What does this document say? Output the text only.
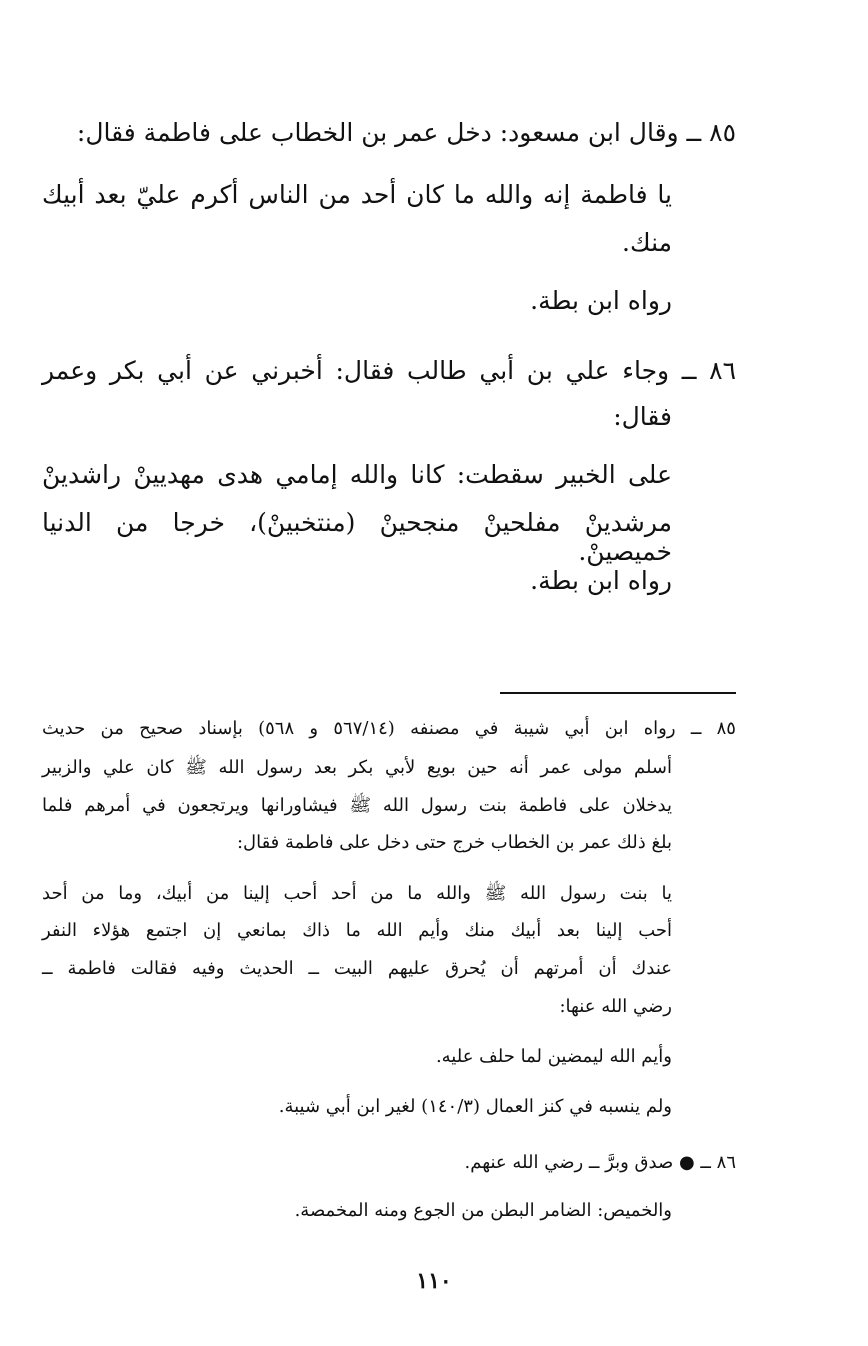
٨٥ ــ وقال ابن مسعود: دخل عمر بن الخطاب على فاطمة فقال:
يا فاطمة إنه والله ما كان أحد من الناس أكرم عليّ بعد أبيك
منك.
رواه ابن بطة.
٨٦ ــ وجاء علي بن أبي طالب فقال: أخبرني عن أبي بكر وعمر
فقال:
على الخبير سقطت: كانا والله إمامي هدى مهديينْ راشدينْ
مرشدينْ مفلحينْ منجحينْ (منتخبينْ)، خرجا من الدنيا خميصينْ.
رواه ابن بطة.
٨٥ ــ رواه ابن أبي شيبة في مصنفه (٥٦٧/١٤ و ٥٦٨) بإسناد صحيح من حديث
أسلم مولى عمر أنه حين بويع لأبي بكر بعد رسول الله ﷺ كان علي والزبير
يدخلان على فاطمة بنت رسول الله ﷺ فيشاورانها ويرتجعون في أمرهم فلما
بلغ ذلك عمر بن الخطاب خرج حتى دخل على فاطمة فقال:
يا بنت رسول الله ﷺ والله ما من أحد أحب إلينا من أبيك، وما من أحد
أحب إلينا بعد أبيك منك وأيم الله ما ذاك بمانعي إن اجتمع هؤلاء النفر
عندك أن أمرتهم أن يُحرق عليهم البيت ــ الحديث وفيه فقالت فاطمة ــ
رضي الله عنها:
وأيم الله ليمضين لما حلف عليه.
ولم ينسبه في كنز العمال (١٤٠/٣) لغير ابن أبي شيبة.
٨٦ ــ ● صدق وبرَّ ــ رضي الله عنهم.
والخميص: الضامر البطن من الجوع ومنه المخمصة.
١١٠
